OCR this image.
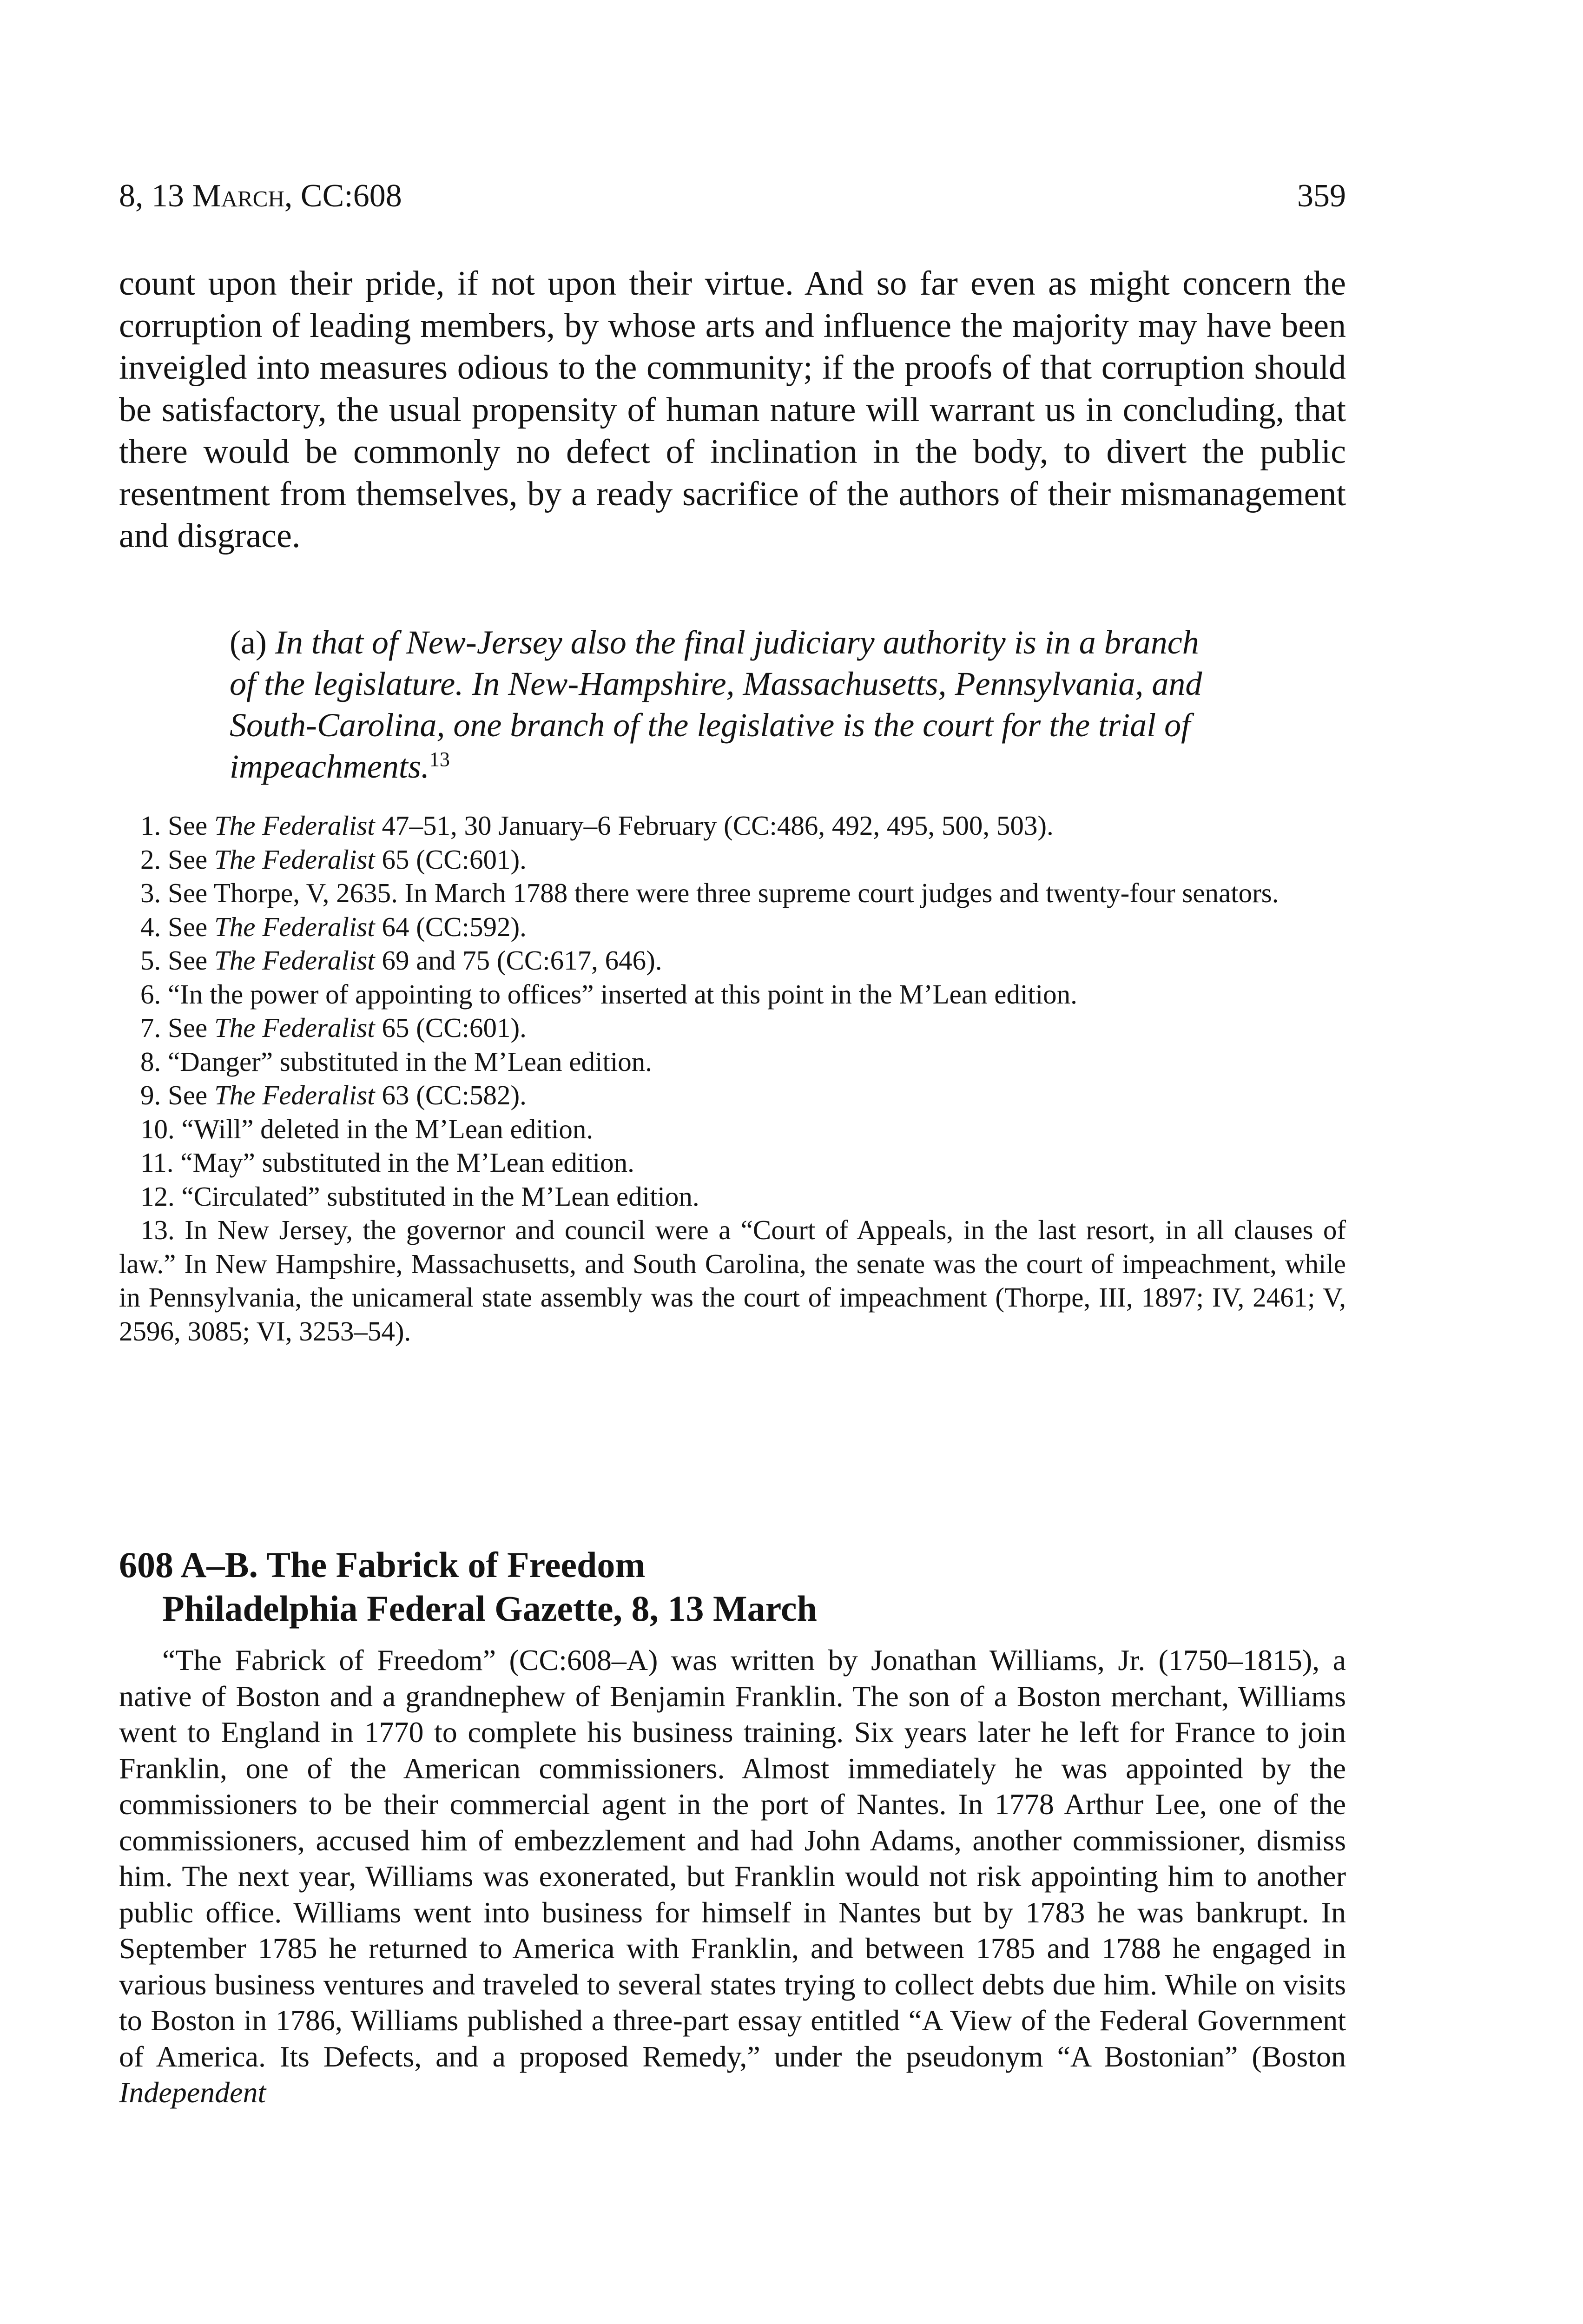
8, 13 March, CC:608	359

count upon their pride, if not upon their virtue. And so far even as might concern the corruption of leading members, by whose arts and influence the majority may have been inveigled into measures odious to the community; if the proofs of that corruption should be satisfactory, the usual propensity of human nature will warrant us in concluding, that there would be commonly no defect of inclination in the body, to divert the public resentment from themselves, by a ready sacrifice of the authors of their mismanagement and disgrace.

(a) In that of New-Jersey also the final judiciary authority is in a branch of the legislature. In New-Hampshire, Massachusetts, Pennsylvania, and South-Carolina, one branch of the legislative is the court for the trial of impeachments.$^{13}$

1. See The Federalist 47–51, 30 January–6 February (CC:486, 492, 495, 500, 503).
2. See The Federalist 65 (CC:601).
3. See Thorpe, V, 2635. In March 1788 there were three supreme court judges and twenty-four senators.
4. See The Federalist 64 (CC:592).
5. See The Federalist 69 and 75 (CC:617, 646).
6. “In the power of appointing to offices” inserted at this point in the M’Lean edition.
7. See The Federalist 65 (CC:601).
8. “Danger” substituted in the M’Lean edition.
9. See The Federalist 63 (CC:582).
10. “Will” deleted in the M’Lean edition.
11. “May” substituted in the M’Lean edition.
12. “Circulated” substituted in the M’Lean edition.
13. In New Jersey, the governor and council were a “Court of Appeals, in the last resort, in all clauses of law.” In New Hampshire, Massachusetts, and South Carolina, the senate was the court of impeachment, while in Pennsylvania, the unicameral state assembly was the court of impeachment (Thorpe, III, 1897; IV, 2461; V, 2596, 3085; VI, 3253–54).
608 A–B. The Fabrick of Freedom
Philadelphia Federal Gazette, 8, 13 March

“The Fabrick of Freedom” (CC:608–A) was written by Jonathan Williams, Jr. (1750–1815), a native of Boston and a grandnephew of Benjamin Franklin. The son of a Boston merchant, Williams went to England in 1770 to complete his business training. Six years later he left for France to join Franklin, one of the American commissioners. Almost immediately he was appointed by the commissioners to be their commercial agent in the port of Nantes. In 1778 Arthur Lee, one of the commissioners, accused him of embezzlement and had John Adams, another commissioner, dismiss him. The next year, Williams was exonerated, but Franklin would not risk appointing him to another public office. Williams went into business for himself in Nantes but by 1783 he was bankrupt. In September 1785 he returned to America with Franklin, and between 1785 and 1788 he engaged in various business ventures and traveled to several states trying to collect debts due him. While on visits to Boston in 1786, Williams published a three-part essay entitled “A View of the Federal Government of America. Its Defects, and a proposed Remedy,” under the pseudonym “A Bostonian” (Boston Independent
